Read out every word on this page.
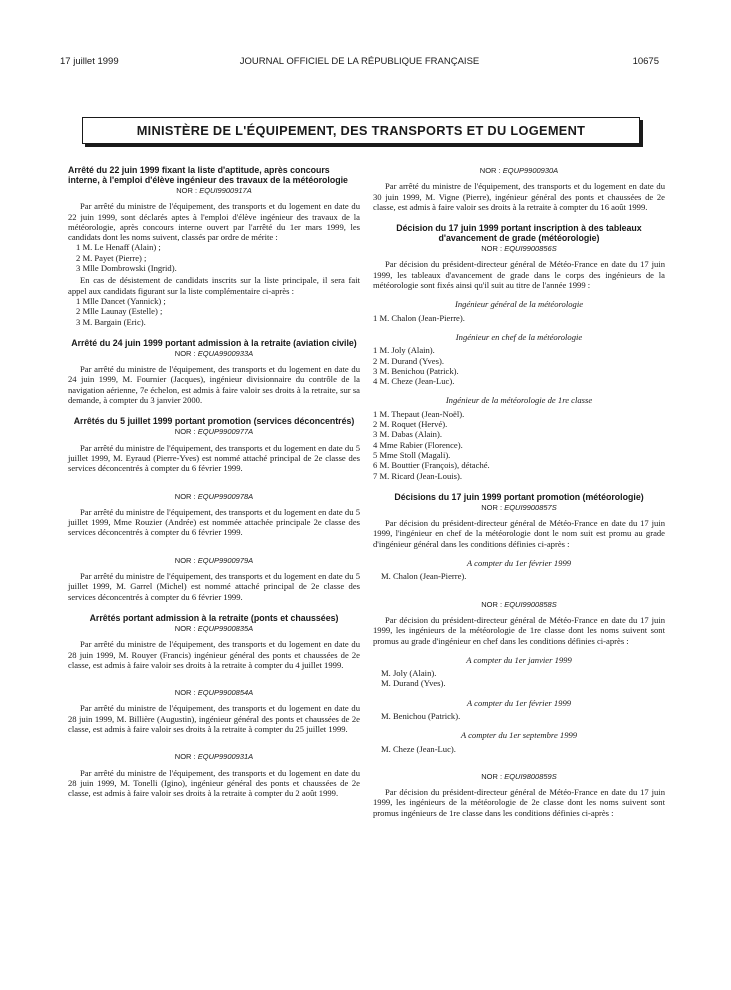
17 juillet 1999	JOURNAL OFFICIEL DE LA RÉPUBLIQUE FRANÇAISE	10675
MINISTÈRE DE L'ÉQUIPEMENT, DES TRANSPORTS ET DU LOGEMENT
Arrêté du 22 juin 1999 fixant la liste d'aptitude, après concours interne, à l'emploi d'élève ingénieur des travaux de la météorologie
NOR : EQUI9900917A

Par arrêté du ministre de l'équipement, des transports et du logement en date du 22 juin 1999, sont déclarés aptes à l'emploi d'élève ingénieur des travaux de la météorologie, après concours interne ouvert par l'arrêté du 1er mars 1999, les candidats dont les noms suivent, classés par ordre de mérite :

1 M. Le Henaff (Alain) ;
2 M. Payet (Pierre) ;
3 Mlle Dombrowski (Ingrid).

En cas de désistement de candidats inscrits sur la liste principale, il sera fait appel aux candidats figurant sur la liste complémentaire ci-après :

1 Mlle Dancet (Yannick) ;
2 Mlle Launay (Estelle) ;
3 M. Bargain (Eric).
Arrêté du 24 juin 1999 portant admission à la retraite (aviation civile)
NOR : EQUA9900933A

Par arrêté du ministre de l'équipement, des transports et du logement en date du 24 juin 1999, M. Fournier (Jacques), ingénieur divisionnaire du contrôle de la navigation aérienne, 7e échelon, est admis à faire valoir ses droits à la retraite, sur sa demande, à compter du 3 janvier 2000.

Arrêtés du 5 juillet 1999 portant promotion (services déconcentrés)
NOR : EQUP9900977A

Par arrêté du ministre de l'équipement, des transports et du logement en date du 5 juillet 1999, M. Eyraud (Pierre-Yves) est nommé attaché principal de 2e classe des services déconcentrés à compter du 6 février 1999.

NOR : EQUP9900978A

Par arrêté du ministre de l'équipement, des transports et du logement en date du 5 juillet 1999, Mme Rouzier (Andrée) est nommée attachée principale 2e classe des services déconcentrés à compter du 6 février 1999.

NOR : EQUP9900979A

Par arrêté du ministre de l'équipement, des transports et du logement en date du 5 juillet 1999, M. Garrel (Michel) est nommé attaché principal de 2e classe des services déconcentrés à compter du 6 février 1999.

Arrêtés portant admission à la retraite (ponts et chaussées)
NOR : EQUP9900835A

Par arrêté du ministre de l'équipement, des transports et du logement en date du 28 juin 1999, M. Rouyer (Francis) ingénieur général des ponts et chaussées de 2e classe, est admis à faire valoir ses droits à la retraite à compter du 4 juillet 1999.

NOR : EQUP9900854A

Par arrêté du ministre de l'équipement, des transports et du logement en date du 28 juin 1999, M. Billière (Augustin), ingénieur général des ponts et chaussées de 2e classe, est admis à faire valoir ses droits à la retraite à compter du 25 juillet 1999.

NOR : EQUP9900931A

Par arrêté du ministre de l'équipement, des transports et du logement en date du 28 juin 1999, M. Tonelli (Igino), ingénieur général des ponts et chaussées de 2e classe, est admis à faire valoir ses droits à la retraite à compter du 2 août 1999.

NOR : EQUP9900930A

Par arrêté du ministre de l'équipement, des transports et du logement en date du 30 juin 1999, M. Vigne (Pierre), ingénieur général des ponts et chaussées de 2e classe, est admis à faire valoir ses droits à la retraite à compter du 16 août 1999.

Décision du 17 juin 1999 portant inscription à des tableaux d'avancement de grade (météorologie)
NOR : EQUI9900856S

Par décision du président-directeur général de Météo-France en date du 17 juin 1999, les tableaux d'avancement de grade dans le corps des ingénieurs de la météorologie sont fixés ainsi qu'il suit au titre de l'année 1999 :

Ingénieur général de la météorologie
1 M. Chalon (Jean-Pierre).
Ingénieur en chef de la météorologie
1 M. Joly (Alain).
2 M. Durand (Yves).
3 M. Benichou (Patrick).
4 M. Cheze (Jean-Luc).
Ingénieur de la météorologie de 1re classe
1 M. Thepaut (Jean-Noël).
2 M. Roquet (Hervé).
3 M. Dabas (Alain).
4 Mme Rabier (Florence).
5 Mme Stoll (Magali).
6 M. Bouttier (François), détaché.
7 M. Ricard (Jean-Louis).
Décisions du 17 juin 1999 portant promotion (météorologie)
NOR : EQUI9900857S

Par décision du président-directeur général de Météo-France en date du 17 juin 1999, l'ingénieur en chef de la météorologie dont le nom suit est promu au grade d'ingénieur général dans les conditions définies ci-après :

A compter du 1er février 1999
M. Chalon (Jean-Pierre).
NOR : EQUI9900858S

Par décision du président-directeur général de Météo-France en date du 17 juin 1999, les ingénieurs de la météorologie de 1re classe dont les noms suivent sont promus au grade d'ingénieur en chef dans les conditions définies ci-après :

A compter du 1er janvier 1999
M. Joly (Alain).
M. Durand (Yves).
A compter du 1er février 1999
M. Benichou (Patrick).
A compter du 1er septembre 1999
M. Cheze (Jean-Luc).
NOR : EQUI9800859S

Par décision du président-directeur général de Météo-France en date du 17 juin 1999, les ingénieurs de la météorologie de 2e classe dont les noms suivent sont promus ingénieurs de 1re classe dans les conditions définies ci-après :
